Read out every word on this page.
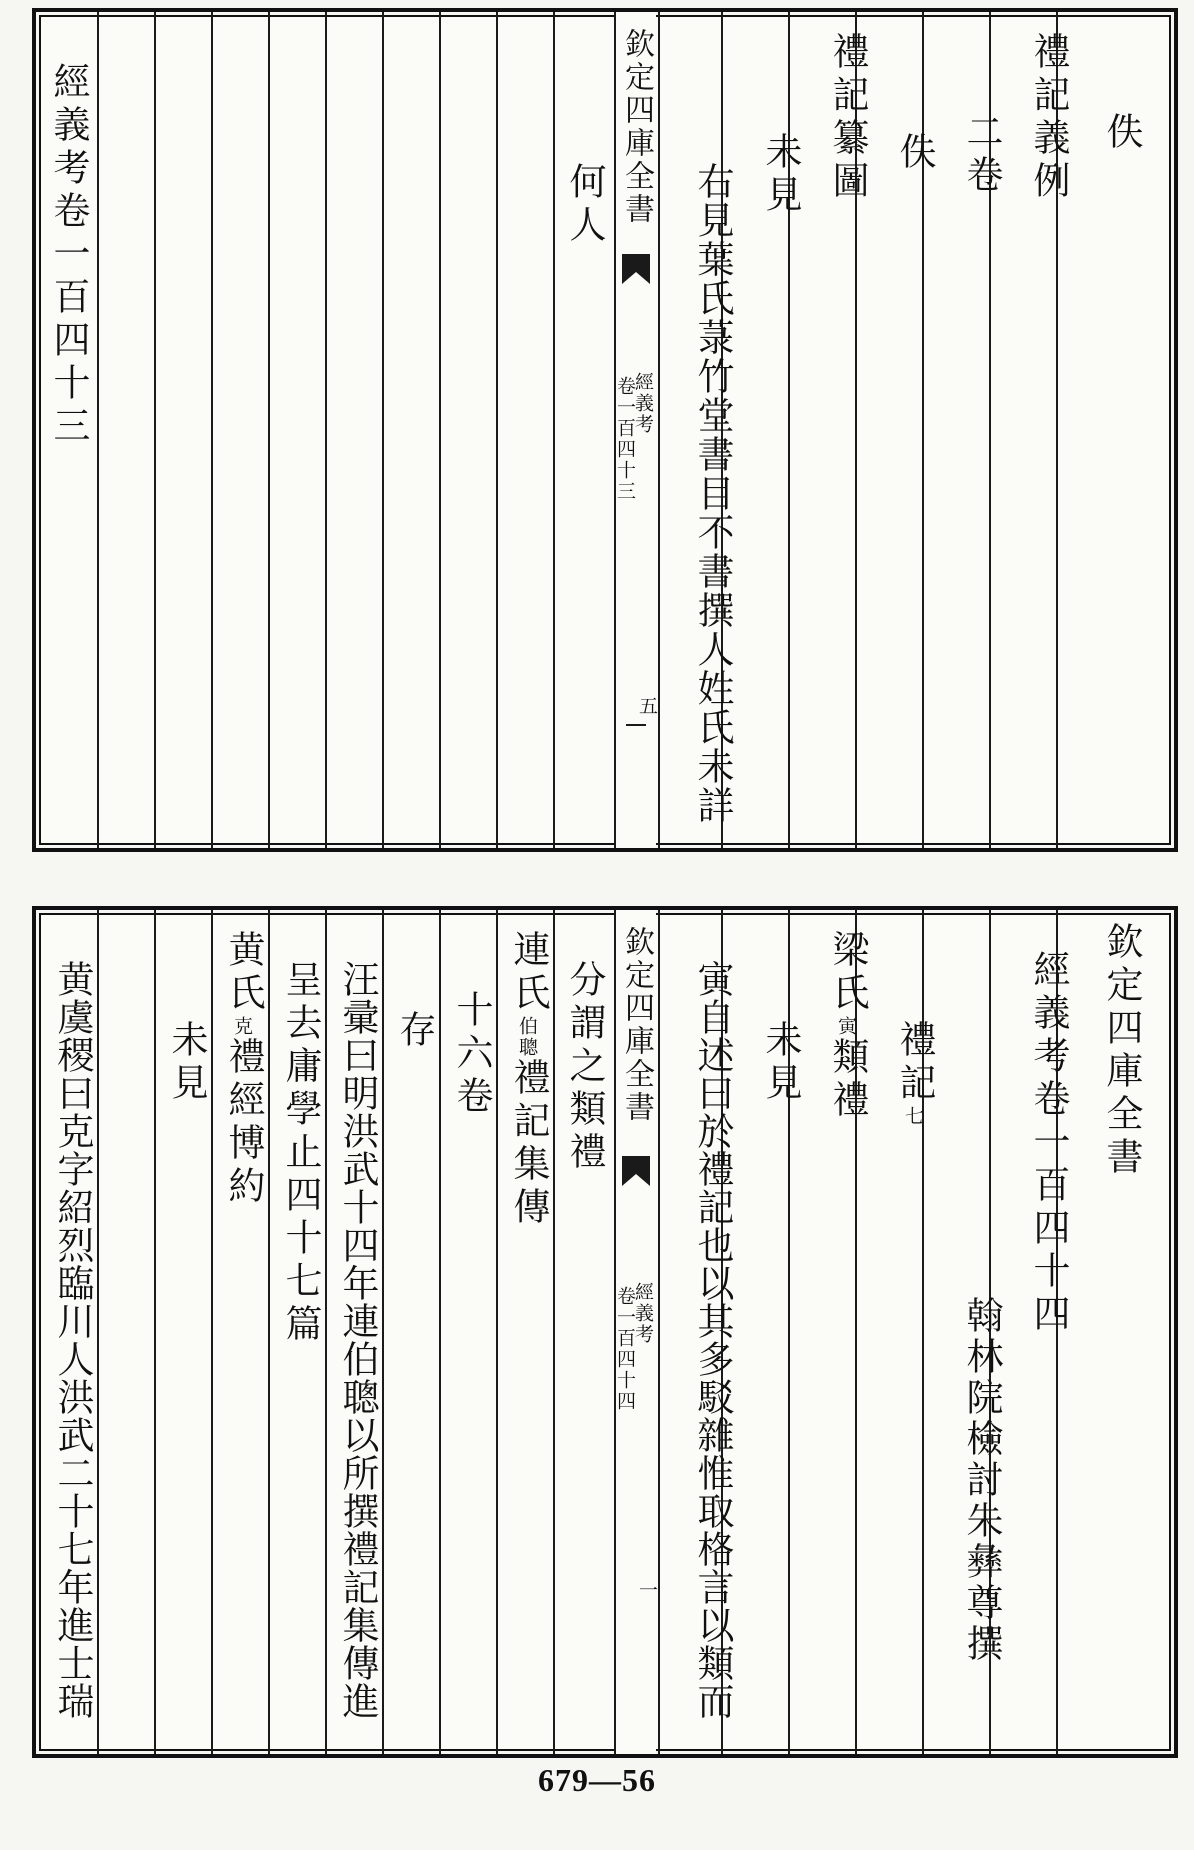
欽定四庫全書
經義考
卷一百四十三
五
佚
禮記義例
二卷
佚
禮記纂圖
未見
右見葉氏菉竹堂書目不書撰人姓氏未詳
何人
經義考卷一百四十三
欽定四庫全書
經義考
卷一百四十四
一
欽定四庫全書
經義考卷一百四十四
翰林院檢討朱彝尊撰
禮記
七
梁氏
寅
類禮
未見
寅自述曰於禮記也以其多駁雜惟取格言以類而
分謂之類禮
連氏
伯聰
禮記集傳
十六卷
存
汪彚曰明洪武十四年連伯聰以所撰禮記集傳進
呈去庸學止四十七篇
黄氏
克
禮經博約
未見
黄虞稷曰克字紹烈臨川人洪武二十七年進士瑞
679—56
